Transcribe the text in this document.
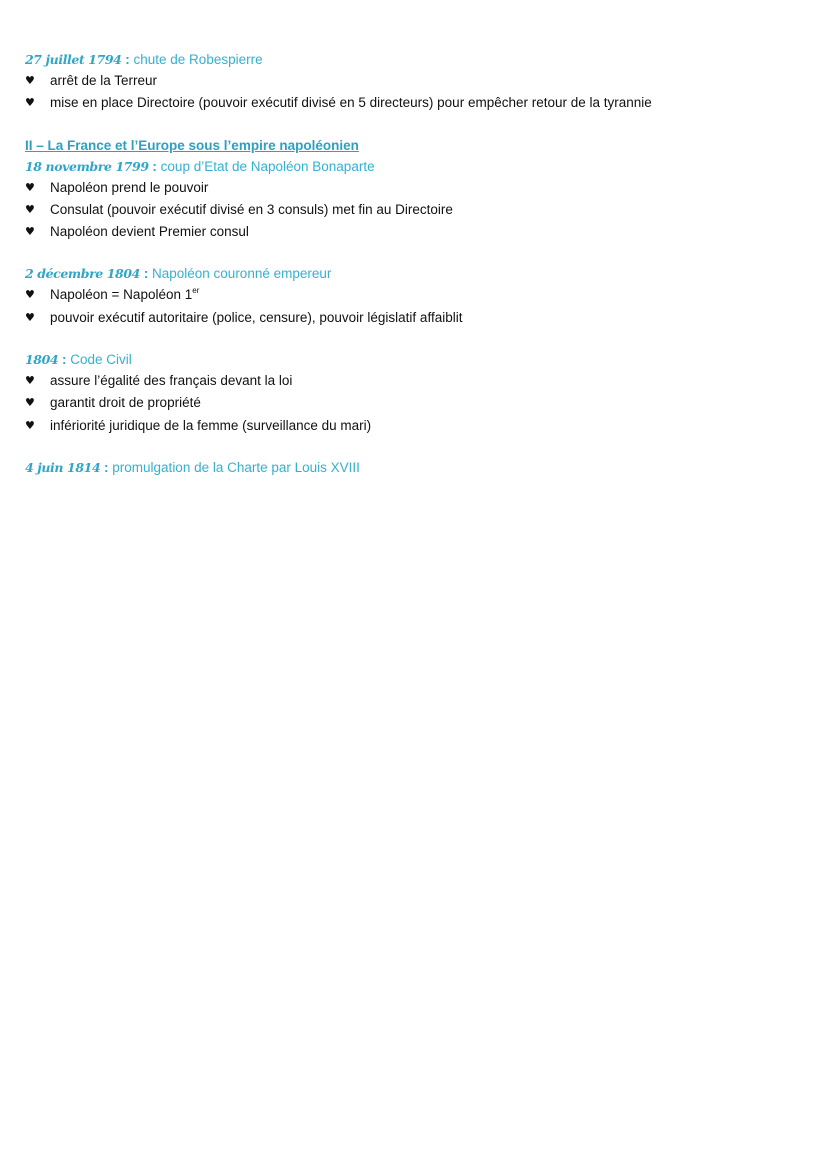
27 juillet 1794 : chute de Robespierre
♥ arrêt de la Terreur
♥ mise en place Directoire (pouvoir exécutif divisé en 5 directeurs) pour empêcher retour de la tyrannie
II – La France et l’Europe sous l’empire napoléonien
18 novembre 1799 : coup d’Etat de Napoléon Bonaparte
♥ Napoléon prend le pouvoir
♥ Consulat (pouvoir exécutif divisé en 3 consuls) met fin au Directoire
♥ Napoléon devient Premier consul
2 décembre 1804 : Napoléon couronné empereur
♥ Napoléon = Napoléon 1er
♥ pouvoir exécutif autoritaire (police, censure), pouvoir législatif affaiblit
1804 : Code Civil
♥ assure l’égalité des français devant la loi
♥ garantit droit de propriété
♥ infériorité juridique de la femme (surveillance du mari)
4 juin 1814 : promulgation de la Charte par Louis XVIII
